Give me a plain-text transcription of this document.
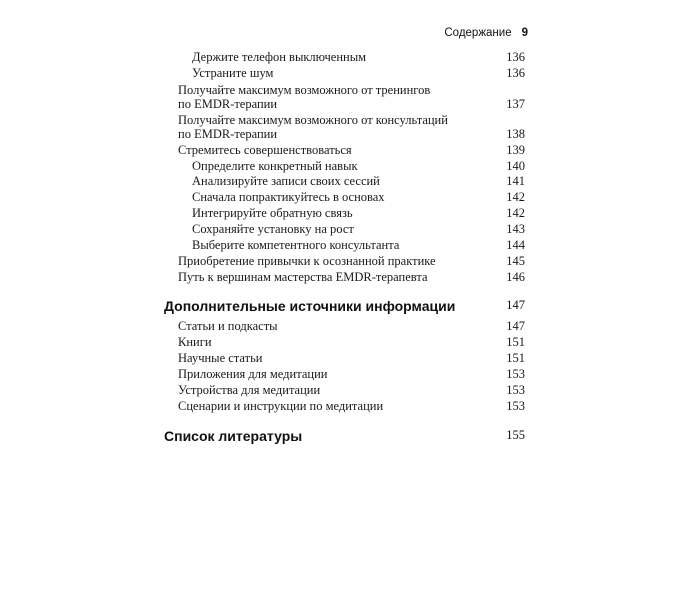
Содержание 9
Держите телефон выключенным	136
Устраните шум	136
Получайте максимум возможного от тренингов
по EMDR-терапии	137
Получайте максимум возможного от консультаций
по EMDR-терапии	138
Стремитесь совершенствоваться	139
Определите конкретный навык	140
Анализируйте записи своих сессий	141
Сначала попрактикуйтесь в основах	142
Интегрируйте обратную связь	142
Сохраняйте установку на рост	143
Выберите компетентного консультанта	144
Приобретение привычки к осознанной практике	145
Путь к вершинам мастерства EMDR-терапевта	146
Дополнительные источники информации	147
Статьи и подкасты	147
Книги	151
Научные статьи	151
Приложения для медитации	153
Устройства для медитации	153
Сценарии и инструкции по медитации	153
Список литературы	155
